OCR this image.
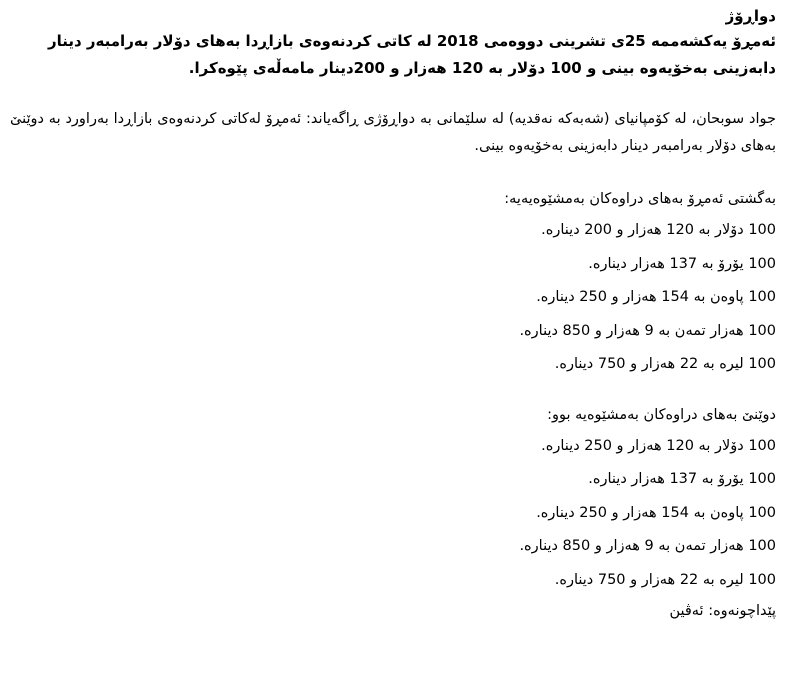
دواڕۆژ

ئەمڕۆ یەکشەممە 25ی تشرینی دووەمی 2018 لە کاتی کردنەوەی بازاڕدا بەهای دۆلار بەرامبەر دینار دابەزینی بەخۆیەوە بینی و 100 دۆلار بە 120 هەزار و 200دینار مامەڵەی پێوەکرا.

جواد سوبحان، لە کۆمپانیای (شەبەکە نەقدیە) لە سلێمانی بە دواڕۆژی ڕاگەیاند: ئەمڕۆ لەکاتی کردنەوەی بازاڕدا بەراورد بە دوێنێ بەهای دۆلار بەرامبەر دینار دابەزینی بەخۆیەوە بینی.

بەگشتی ئەمڕۆ بەهای دراوەکان بەمشێوەیەیە:

100 دۆلار بە 120 هەزار و 200 دینارە.
100 یۆرۆ بە 137 هەزار دینارە.
100 پاوەن بە 154 هەزار و 250 دینارە.
100 هەزار تمەن بە 9 هەزار و 850 دینارە.
100 لیرە بە 22 هەزار و 750 دینارە.

دوێنێ بەهای دراوەکان بەمشێوەیە بوو:

100 دۆلار بە 120 هەزار و 250 دینارە.
100 یۆرۆ بە 137 هەزار دینارە.
100 پاوەن بە 154 هەزار و 250 دینارە.
100 هەزار تمەن بە 9 هەزار و 850 دینارە.
100 لیرە بە 22 هەزار و 750 دینارە.

پێداچونەوە: ئەڤین
